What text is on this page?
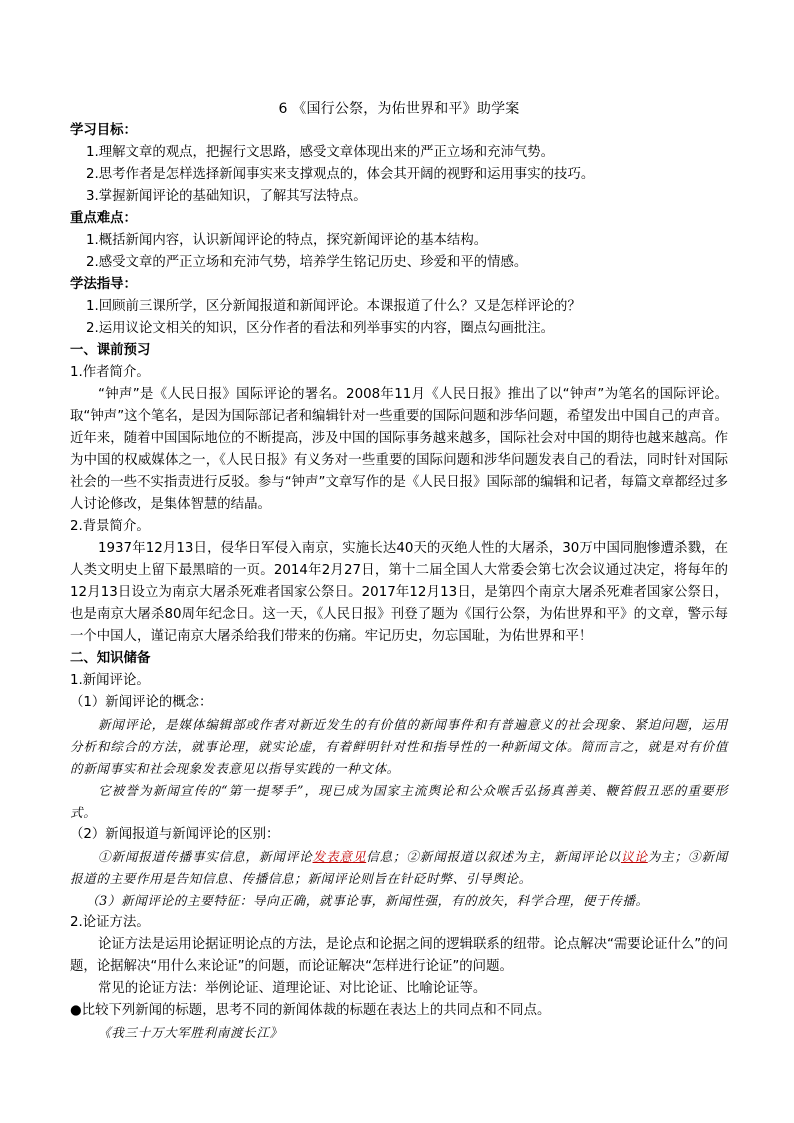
6 《国行公祭，为佑世界和平》助学案
学习目标：
1.理解文章的观点，把握行文思路，感受文章体现出来的严正立场和充沛气势。
2.思考作者是怎样选择新闻事实来支撑观点的，体会其开阔的视野和运用事实的技巧。
3.掌握新闻评论的基础知识，了解其写法特点。
重点难点：
1.概括新闻内容，认识新闻评论的特点，探究新闻评论的基本结构。
2.感受文章的严正立场和充沛气势，培养学生铭记历史、珍爱和平的情感。
学法指导：
1.回顾前三课所学，区分新闻报道和新闻评论。本课报道了什么？又是怎样评论的？
2.运用议论文相关的知识，区分作者的看法和列举事实的内容，圈点勾画批注。
一、课前预习
1.作者简介。
“钟声”是《人民日报》国际评论的署名。2008年11月《人民日报》推出了以“钟声”为笔名的国际评论。取“钟声”这个笔名，是因为国际部记者和编辑针对一些重要的国际问题和涉华问题，希望发出中国自己的声音。近年来，随着中国国际地位的不断提高，涉及中国的国际事务越来越多，国际社会对中国的期待也越来越高。作为中国的权威媒体之一，《人民日报》有义务对一些重要的国际问题和涉华问题发表自己的看法，同时针对国际社会的一些不实指责进行反驳。参与“钟声”文章写作的是《人民日报》国际部的编辑和记者，每篇文章都经过多人讨论修改，是集体智慧的结晶。
2.背景简介。
1937年12月13日，侵华日军侵入南京，实施长达40天的灭绝人性的大屠杀，30万中国同胞惨遭杀戮，在人类文明史上留下最黑暗的一页。2014年2月27日，第十二届全国人大常委会第七次会议通过决定，将每年的12月13日设立为南京大屠杀死难者国家公祭日。2017年12月13日，是第四个南京大屠杀死难者国家公祭日，也是南京大屠杀80周年纪念日。这一天，《人民日报》刊登了题为《国行公祭，为佑世界和平》的文章，警示每一个中国人，谨记南京大屠杀给我们带来的伤痛。牢记历史，勿忘国耻，为佑世界和平！
二、知识储备
1.新闻评论。
（1）新闻评论的概念：
新闻评论，是媒体编辑部或作者对新近发生的有价值的新闻事件和有普遍意义的社会现象、紧迫问题，运用分析和综合的方法，就事论理，就实论虚，有着鲜明针对性和指导性的一种新闻文体。简而言之，就是对有价值的新闻事实和社会现象发表意见以指导实践的一种文体。
它被誉为新闻宣传的“第一提琴手”，现已成为国家主流舆论和公众喉舌弘扬真善美、鞭笞假丑恶的重要形式。
（2）新闻报道与新闻评论的区别：
①新闻报道传播事实信息，新闻评论发表意见信息；②新闻报道以叙述为主，新闻评论以议论为主；③新闻报道的主要作用是告知信息、传播信息；新闻评论则旨在针砭时弊、引导舆论。
（3）新闻评论的主要特征：导向正确，就事论事，新闻性强，有的放矢，科学合理，便于传播。
2.论证方法。
论证方法是运用论据证明论点的方法，是论点和论据之间的逻辑联系的纽带。论点解决“需要论证什么”的问题，论据解决“用什么来论证”的问题，而论证解决“怎样进行论证”的问题。
常见的论证方法：举例论证、道理论证、对比论证、比喻论证等。
●比较下列新闻的标题，思考不同的新闻体裁的标题在表达上的共同点和不同点。
《我三十万大军胜利南渡长江》
